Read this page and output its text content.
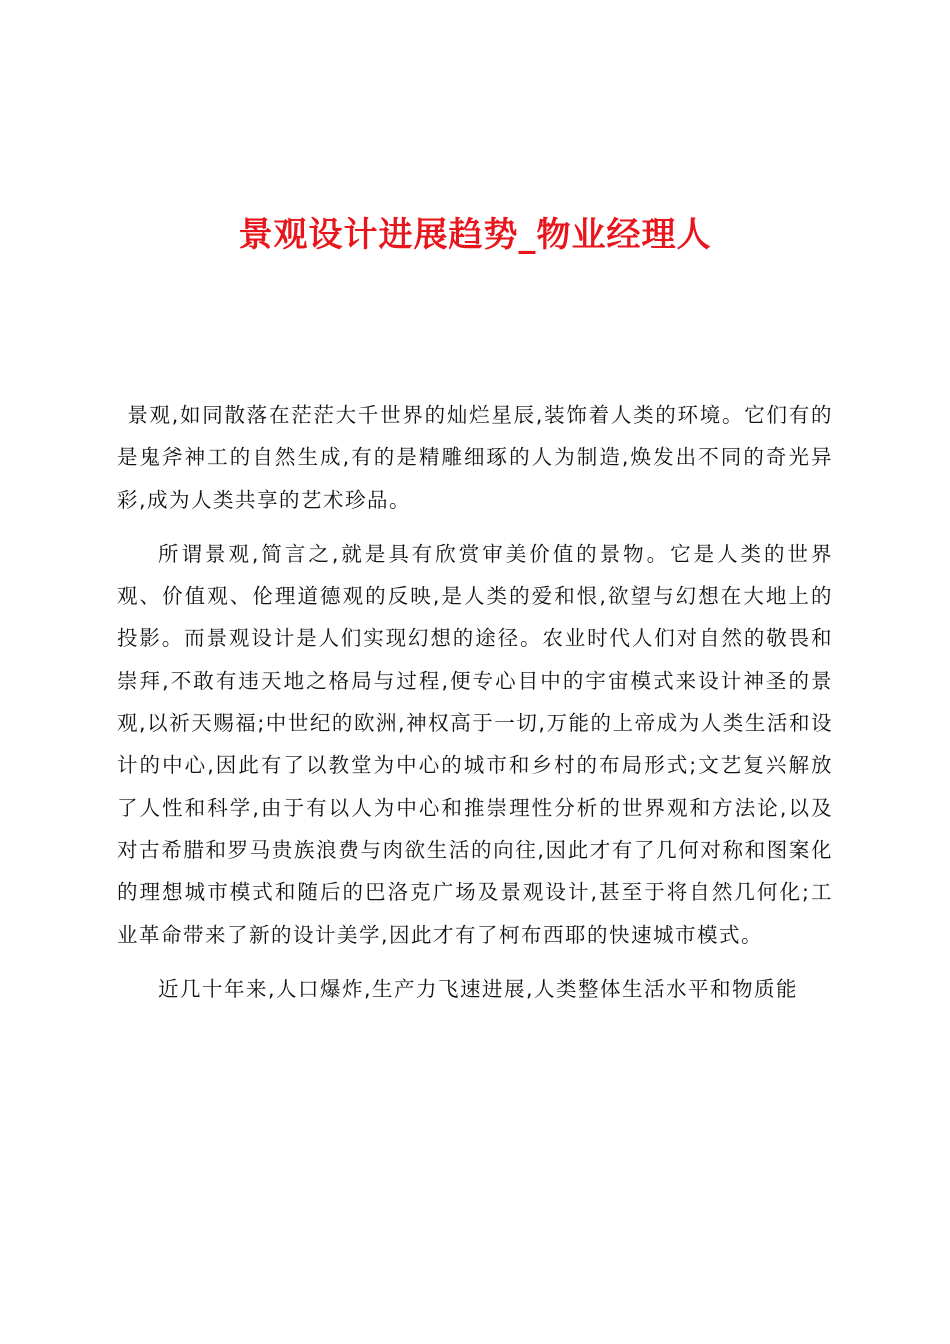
景观设计进展趋势_物业经理人

景观,如同散落在茫茫大千世界的灿烂星辰,装饰着人类的环境。它们有的是鬼斧神工的自然生成,有的是精雕细琢的人为制造,焕发出不同的奇光异彩,成为人类共享的艺术珍品。

所谓景观,简言之,就是具有欣赏审美价值的景物。它是人类的世界观、价值观、伦理道德观的反映,是人类的爱和恨,欲望与幻想在大地上的投影。而景观设计是人们实现幻想的途径。农业时代人们对自然的敬畏和崇拜,不敢有违天地之格局与过程,便专心目中的宇宙模式来设计神圣的景观,以祈天赐福;中世纪的欧洲,神权高于一切,万能的上帝成为人类生活和设计的中心,因此有了以教堂为中心的城市和乡村的布局形式;文艺复兴解放了人性和科学,由于有以人为中心和推崇理性分析的世界观和方法论,以及对古希腊和罗马贵族浪费与肉欲生活的向往,因此才有了几何对称和图案化的理想城市模式和随后的巴洛克广场及景观设计,甚至于将自然几何化;工业革命带来了新的设计美学,因此才有了柯布西耶的快速城市模式。

近几十年来,人口爆炸,生产力飞速进展,人类整体生活水平和物质能
